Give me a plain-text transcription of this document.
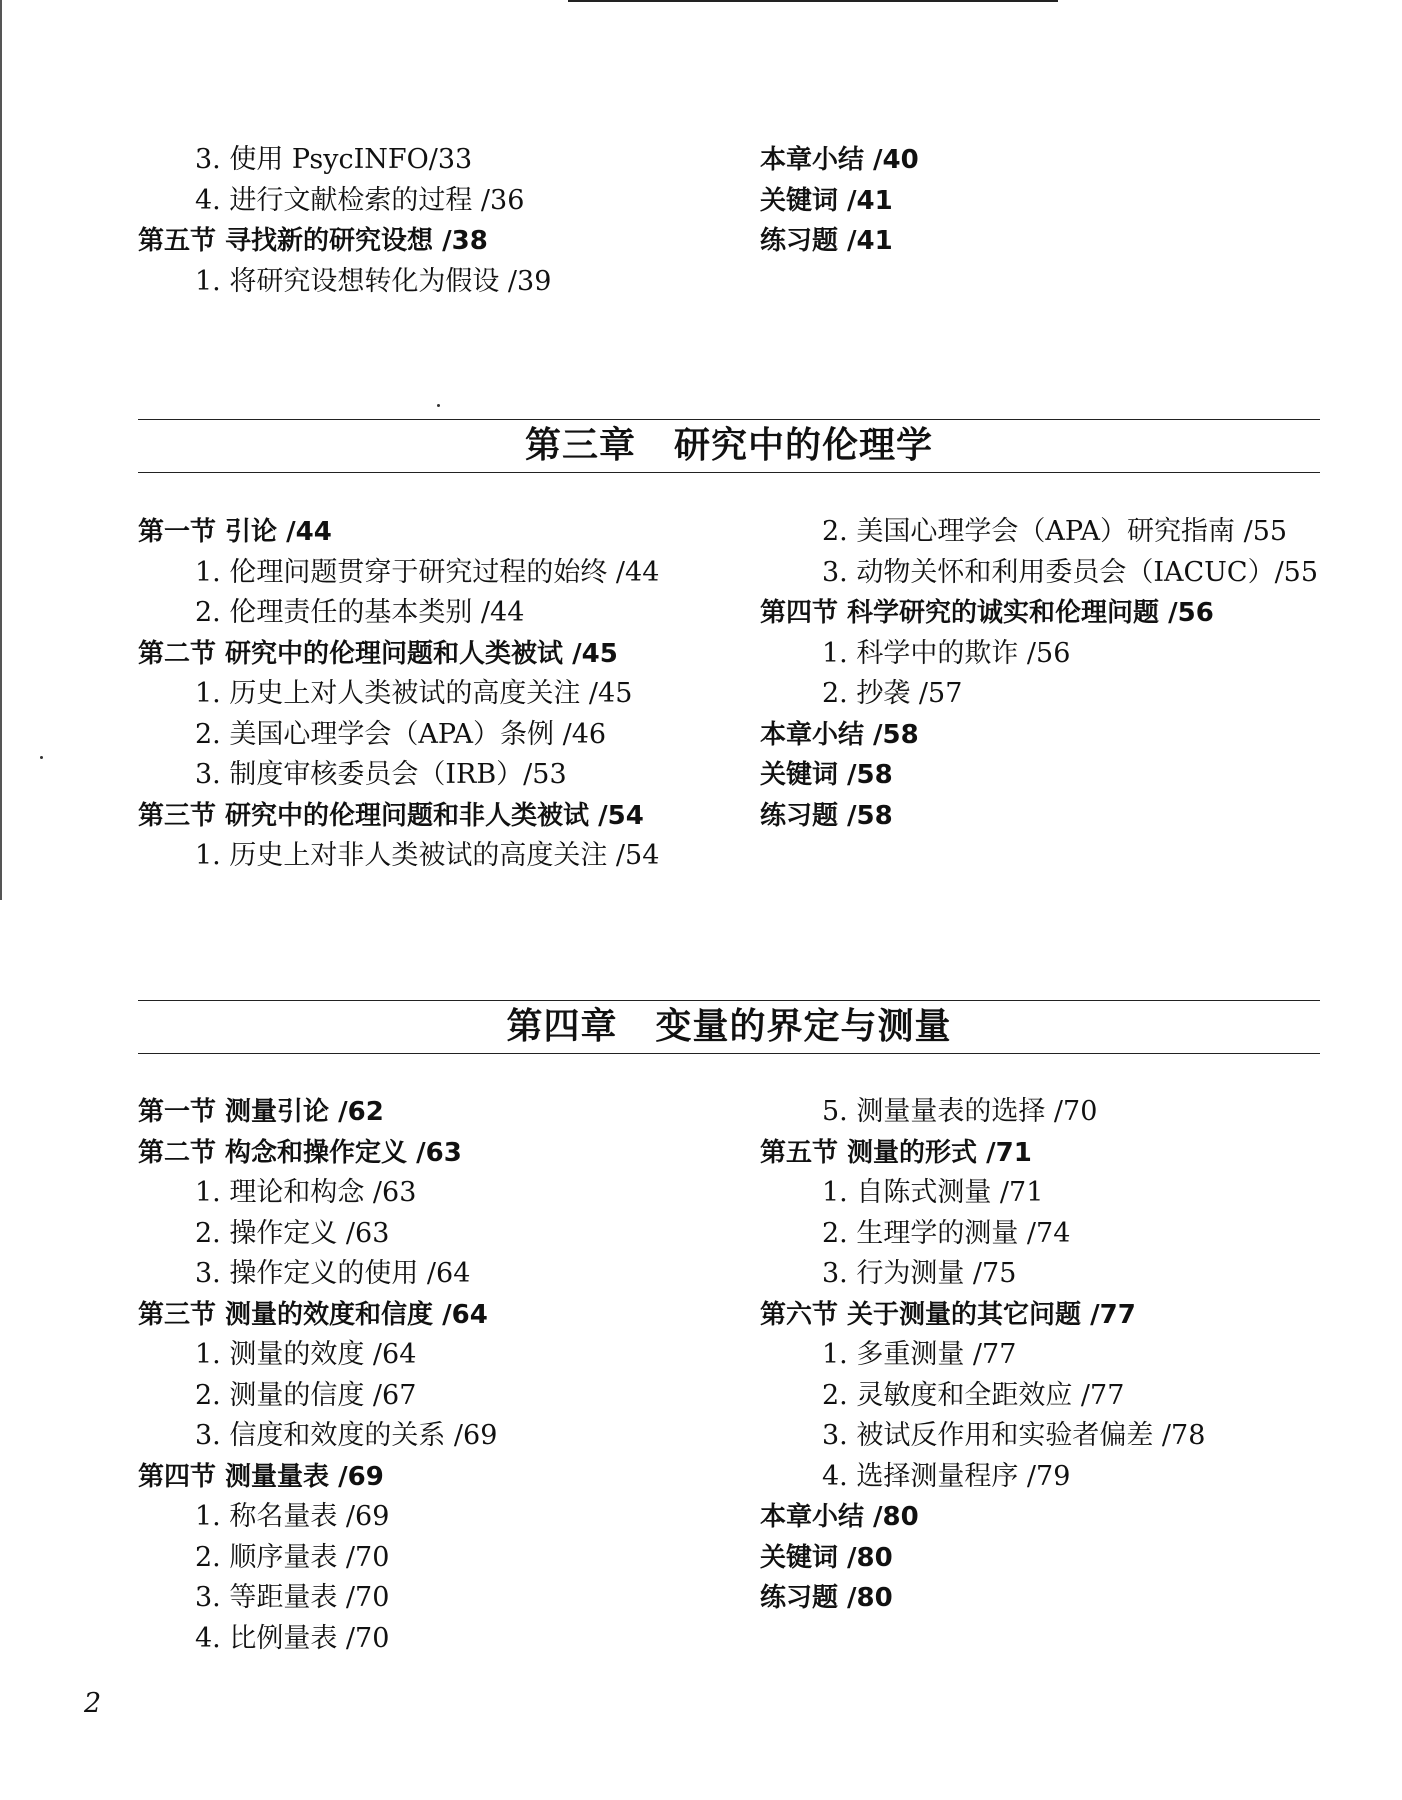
3. 使用 PsycINFO/33
4. 进行文献检索的过程 /36
第五节 寻找新的研究设想 /38
1. 将研究设想转化为假设 /39
本章小结 /40
关键词 /41
练习题 /41
第三章 研究中的伦理学
第一节 引论 /44
1. 伦理问题贯穿于研究过程的始终 /44
2. 伦理责任的基本类别 /44
第二节 研究中的伦理问题和人类被试 /45
1. 历史上对人类被试的高度关注 /45
2. 美国心理学会（APA）条例 /46
3. 制度审核委员会（IRB）/53
第三节 研究中的伦理问题和非人类被试 /54
1. 历史上对非人类被试的高度关注 /54
2. 美国心理学会（APA）研究指南 /55
3. 动物关怀和利用委员会（IACUC）/55
第四节 科学研究的诚实和伦理问题 /56
1. 科学中的欺诈 /56
2. 抄袭 /57
本章小结 /58
关键词 /58
练习题 /58
第四章 变量的界定与测量
第一节 测量引论 /62
第二节 构念和操作定义 /63
1. 理论和构念 /63
2. 操作定义 /63
3. 操作定义的使用 /64
第三节 测量的效度和信度 /64
1. 测量的效度 /64
2. 测量的信度 /67
3. 信度和效度的关系 /69
第四节 测量量表 /69
1. 称名量表 /69
2. 顺序量表 /70
3. 等距量表 /70
4. 比例量表 /70
5. 测量量表的选择 /70
第五节 测量的形式 /71
1. 自陈式测量 /71
2. 生理学的测量 /74
3. 行为测量 /75
第六节 关于测量的其它问题 /77
1. 多重测量 /77
2. 灵敏度和全距效应 /77
3. 被试反作用和实验者偏差 /78
4. 选择测量程序 /79
本章小结 /80
关键词 /80
练习题 /80
2
